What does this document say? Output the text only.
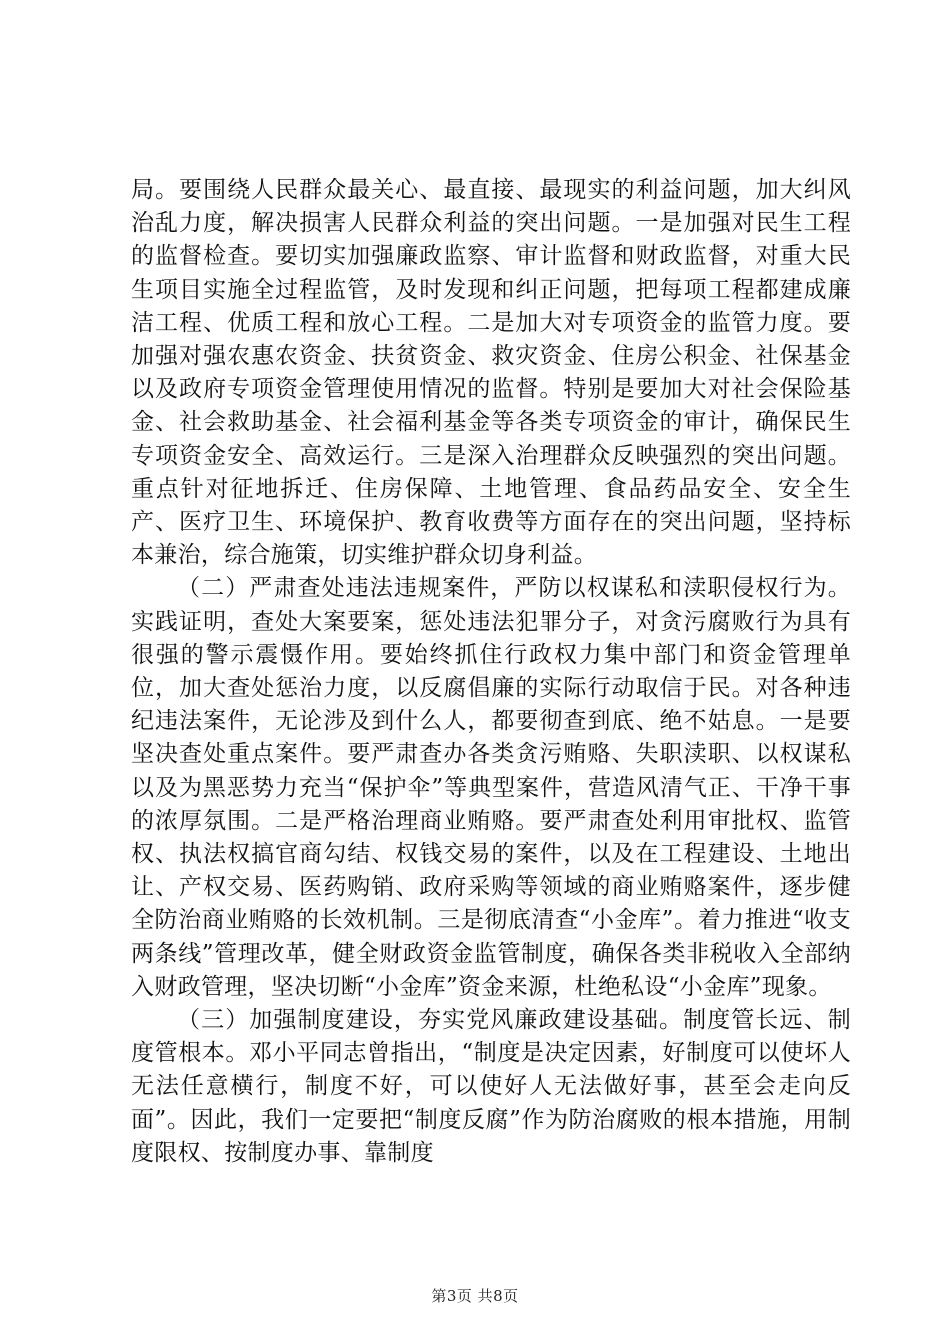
局。要围绕人民群众最关心、最直接、最现实的利益问题，加大纠风治乱力度，解决损害人民群众利益的突出问题。一是加强对民生工程的监督检查。要切实加强廉政监察、审计监督和财政监督，对重大民生项目实施全过程监管，及时发现和纠正问题，把每项工程都建成廉洁工程、优质工程和放心工程。二是加大对专项资金的监管力度。要加强对强农惠农资金、扶贫资金、救灾资金、住房公积金、社保基金以及政府专项资金管理使用情况的监督。特别是要加大对社会保险基金、社会救助基金、社会福利基金等各类专项资金的审计，确保民生专项资金安全、高效运行。三是深入治理群众反映强烈的突出问题。重点针对征地拆迁、住房保障、土地管理、食品药品安全、安全生产、医疗卫生、环境保护、教育收费等方面存在的突出问题，坚持标本兼治，综合施策，切实维护群众切身利益。

（二）严肃查处违法违规案件，严防以权谋私和渎职侵权行为。实践证明，查处大案要案，惩处违法犯罪分子，对贪污腐败行为具有很强的警示震慑作用。要始终抓住行政权力集中部门和资金管理单位，加大查处惩治力度，以反腐倡廉的实际行动取信于民。对各种违纪违法案件，无论涉及到什么人，都要彻查到底、绝不姑息。一是要坚决查处重点案件。要严肃查办各类贪污贿赂、失职渎职、以权谋私以及为黑恶势力充当“保护伞”等典型案件，营造风清气正、干净干事的浓厚氛围。二是严格治理商业贿赂。要严肃查处利用审批权、监管权、执法权搞官商勾结、权钱交易的案件，以及在工程建设、土地出让、产权交易、医药购销、政府采购等领域的商业贿赂案件，逐步健全防治商业贿赂的长效机制。三是彻底清查“小金库”。着力推进“收支两条线”管理改革，健全财政资金监管制度，确保各类非税收入全部纳入财政管理，坚决切断“小金库”资金来源，杜绝私设“小金库”现象。

（三）加强制度建设，夯实党风廉政建设基础。制度管长远、制度管根本。邓小平同志曾指出，“制度是决定因素，好制度可以使坏人无法任意横行，制度不好，可以使好人无法做好事，甚至会走向反面”。因此，我们一定要把“制度反腐”作为防治腐败的根本措施，用制度限权、按制度办事、靠制度

第3页 共8页
